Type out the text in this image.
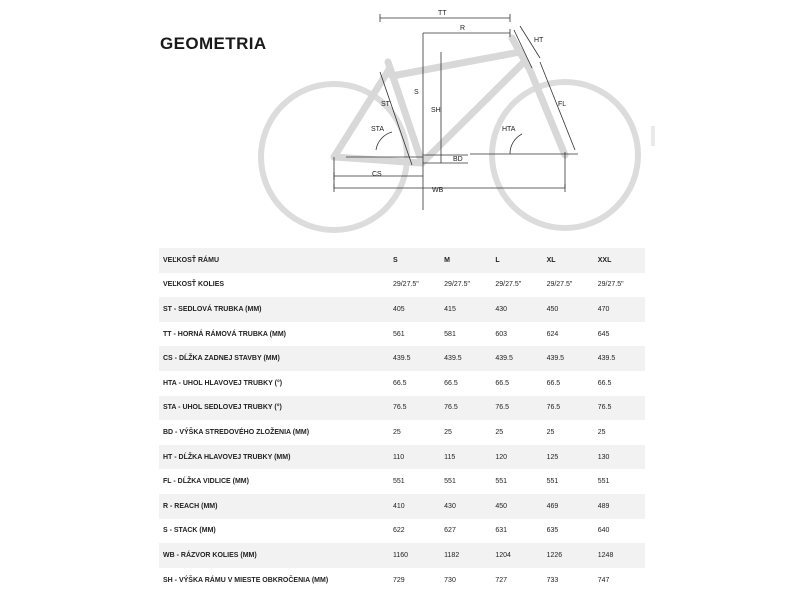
GEOMETRIA
TT
R
HT
ST
S
SH
STA
FL
HTA
BD
CS
WB
VEĽKOSŤ RÁMU	S	M	L	XL	XXL
VEĽKOSŤ KOLIES	29/27.5"	29/27.5"	29/27.5"	29/27.5"	29/27.5"
ST - SEDLOVÁ TRUBKA (MM)	405	415	430	450	470
TT - HORNÁ RÁMOVÁ TRUBKA (MM)	561	581	603	624	645
CS - DĹŽKA ZADNEJ STAVBY (MM)	439.5	439.5	439.5	439.5	439.5
HTA - UHOL HLAVOVEJ TRUBKY (°)	66.5	66.5	66.5	66.5	66.5
STA - UHOL SEDLOVEJ TRUBKY (°)	76.5	76.5	76.5	76.5	76.5
BD - VÝŠKA STREDOVÉHO ZLOŽENIA (MM)	25	25	25	25	25
HT - DĹŽKA HLAVOVEJ TRUBKY (MM)	110	115	120	125	130
FL - DĹŽKA VIDLICE (MM)	551	551	551	551	551
R - REACH (MM)	410	430	450	469	489
S - STACK (MM)	622	627	631	635	640
WB - RÁZVOR KOLIES (MM)	1160	1182	1204	1226	1248
SH - VÝŠKA RÁMU V MIESTE OBKROČENIA (MM)	729	730	727	733	747
